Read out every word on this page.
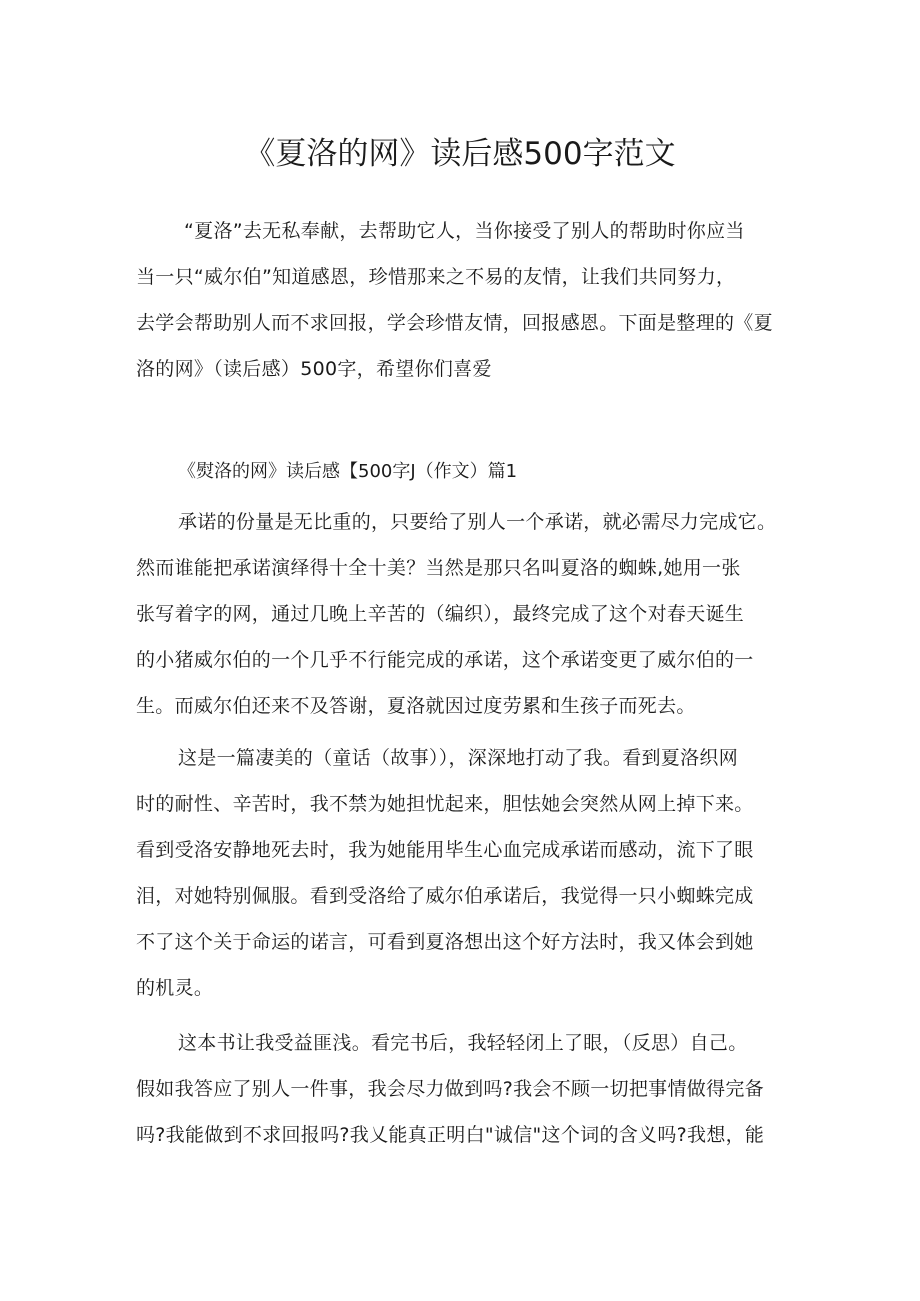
《夏洛的网》读后感500字范文
“夏洛”去无私奉献，去帮助它人，当你接受了别人的帮助时你应当
当一只“威尔伯”知道感恩，珍惜那来之不易的友情，让我们共同努力，
去学会帮助别人而不求回报，学会珍惜友情，回报感恩。下面是整理的《夏
洛的网》（读后感）500字，希望你们喜爱
《熨洛的网》读后感【500字J（作文）篇1
承诺的份量是无比重的，只要给了别人一个承诺，就必需尽力完成它。
然而谁能把承诺演绎得十全十美？当然是那只名叫夏洛的蜘蛛,她用一张
张写着字的网，通过几晚上辛苦的（编织），最终完成了这个对春天诞生
的小猪威尔伯的一个几乎不行能完成的承诺，这个承诺变更了威尔伯的一
生。而威尔伯还来不及答谢，夏洛就因过度劳累和生孩子而死去。
这是一篇凄美的（童话（故事）），深深地打动了我。看到夏洛织网
时的耐性、辛苦时，我不禁为她担忧起来，胆怯她会突然从网上掉下来。
看到受洛安静地死去时，我为她能用毕生心血完成承诺而感动，流下了眼
泪，对她特别佩服。看到受洛给了威尔伯承诺后，我觉得一只小蜘蛛完成
不了这个关于命运的诺言，可看到夏洛想出这个好方法时，我又体会到她
的机灵。
这本书让我受益匪浅。看完书后，我轻轻闭上了眼，（反思）自己。
假如我答应了别人一件事，我会尽力做到吗?我会不顾一切把事情做得完备
吗?我能做到不求回报吗?我乂能真正明白"诚信"这个词的含义吗?我想，能
